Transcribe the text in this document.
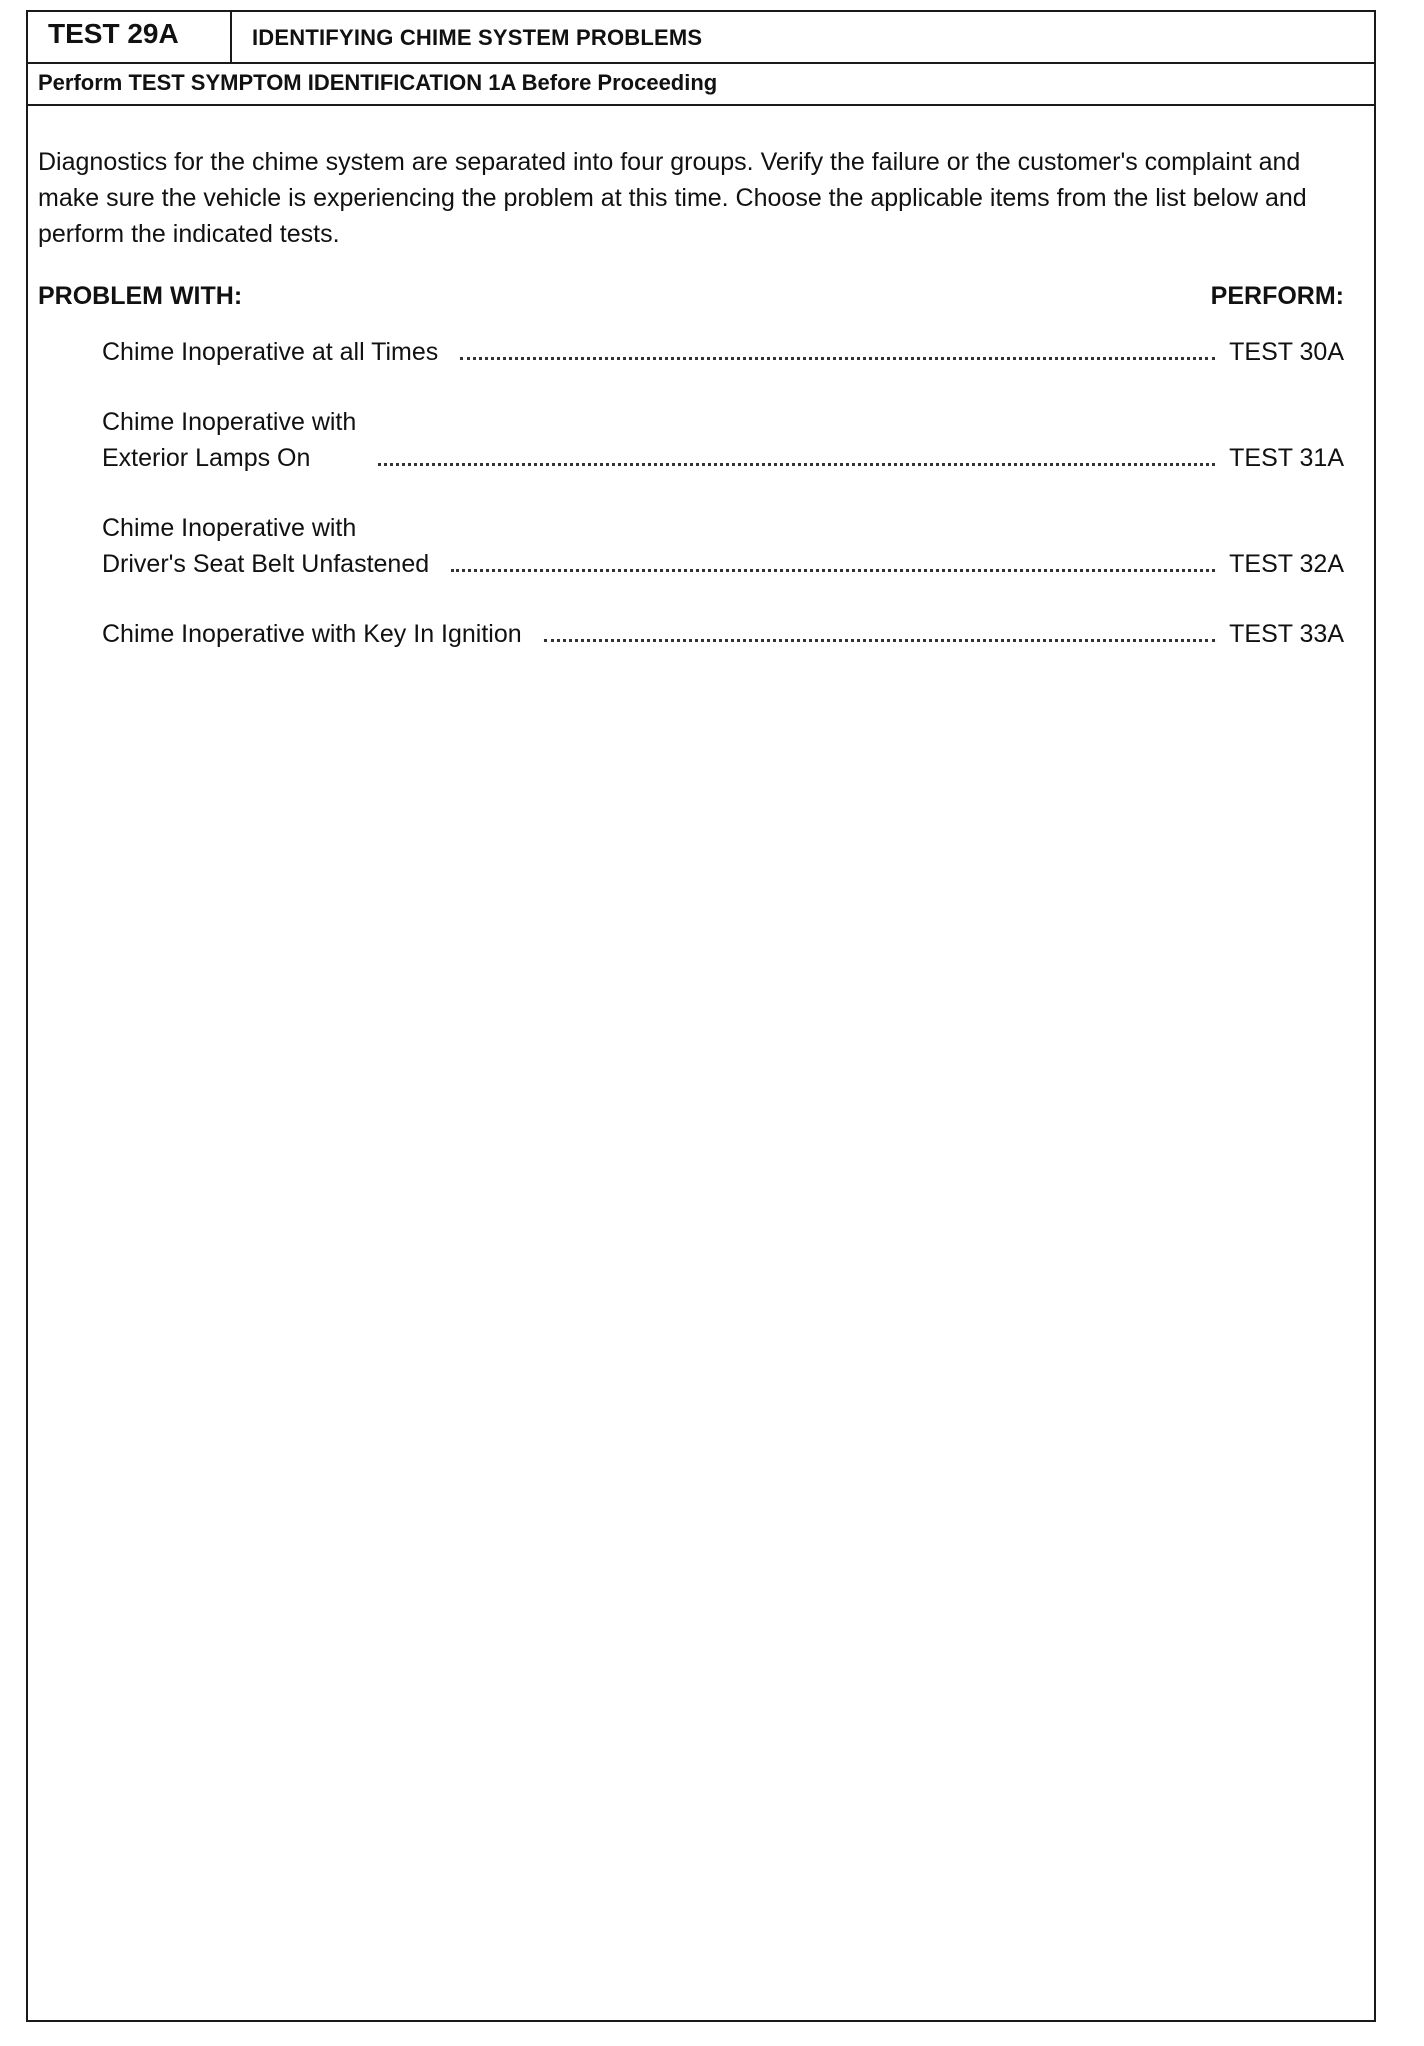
TEST 29A	IDENTIFYING CHIME SYSTEM PROBLEMS
Perform TEST SYMPTOM IDENTIFICATION 1A Before Proceeding

Diagnostics for the chime system are separated into four groups. Verify the failure or the customer's complaint and make sure the vehicle is experiencing the problem at this time. Choose the applicable items from the list below and perform the indicated tests.

PROBLEM WITH:	PERFORM:
Chime Inoperative at all Times	TEST 30A
Chime Inoperative with
Exterior Lamps On	TEST 31A
Chime Inoperative with
Driver's Seat Belt Unfastened	TEST 32A
Chime Inoperative with Key In Ignition	TEST 33A
